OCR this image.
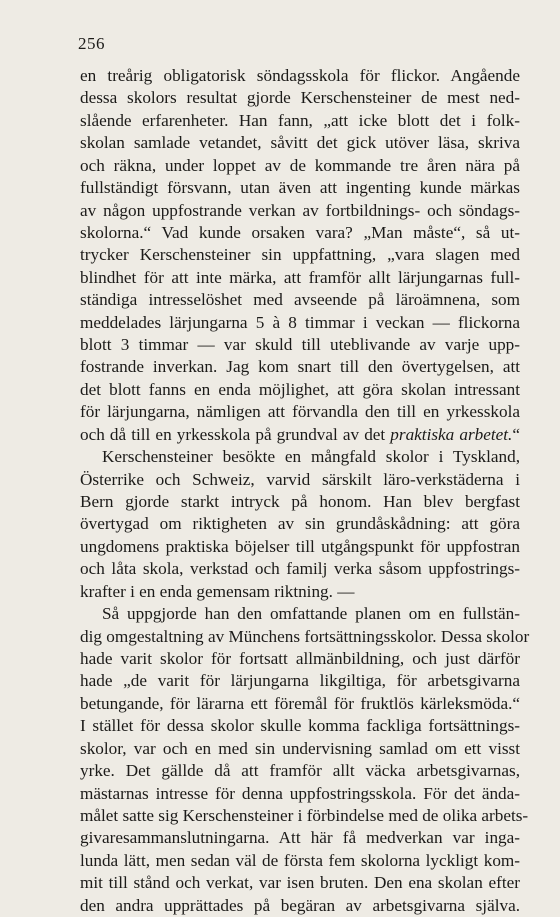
256
en treårig obligatorisk söndagsskola för flickor. Angående
dessa skolors resultat gjorde Kerschensteiner de mest ned-
slående erfarenheter. Han fann, „att icke blott det i folk-
skolan samlade vetandet, såvitt det gick utöver läsa, skriva
och räkna, under loppet av de kommande tre åren nära på
fullständigt försvann, utan även att ingenting kunde märkas
av någon uppfostrande verkan av fortbildnings- och söndags-
skolorna.“ Vad kunde orsaken vara? „Man måste“, så ut-
trycker Kerschensteiner sin uppfattning, „vara slagen med
blindhet för att inte märka, att framför allt lärjungarnas full-
ständiga intresselöshet med avseende på läroämnena, som
meddelades lärjungarna 5 à 8 timmar i veckan — flickorna
blott 3 timmar — var skuld till uteblivande av varje upp-
fostrande inverkan. Jag kom snart till den övertygelsen, att
det blott fanns en enda möjlighet, att göra skolan intressant
för lärjungarna, nämligen att förvandla den till en yrkesskola
och då till en yrkesskola på grundval av det praktiska arbetet.“
Kerschensteiner besökte en mångfald skolor i Tyskland,
Österrike och Schweiz, varvid särskilt läro-verkstäderna i
Bern gjorde starkt intryck på honom. Han blev bergfast
övertygad om riktigheten av sin grundåskådning: att göra
ungdomens praktiska böjelser till utgångspunkt för uppfostran
och låta skola, verkstad och familj verka såsom uppfostrings-
krafter i en enda gemensam riktning. —
Så uppgjorde han den omfattande planen om en fullstän-
dig omgestaltning av Münchens fortsättningsskolor. Dessa skolor
hade varit skolor för fortsatt allmänbildning, och just därför
hade „de varit för lärjungarna likgiltiga, för arbetsgivarna
betungande, för lärarna ett föremål för fruktlös kärleksmöda.“
I stället för dessa skolor skulle komma fackliga fortsättnings-
skolor, var och en med sin undervisning samlad om ett visst
yrke. Det gällde då att framför allt väcka arbetsgivarnas,
mästarnas intresse för denna uppfostringsskola. För det ända-
målet satte sig Kerschensteiner i förbindelse med de olika arbets-
givaresammanslutningarna. Att här få medverkan var inga-
lunda lätt, men sedan väl de första fem skolorna lyckligt kom-
mit till stånd och verkat, var isen bruten. Den ena skolan efter
den andra upprättades på begäran av arbetsgivarna själva.
